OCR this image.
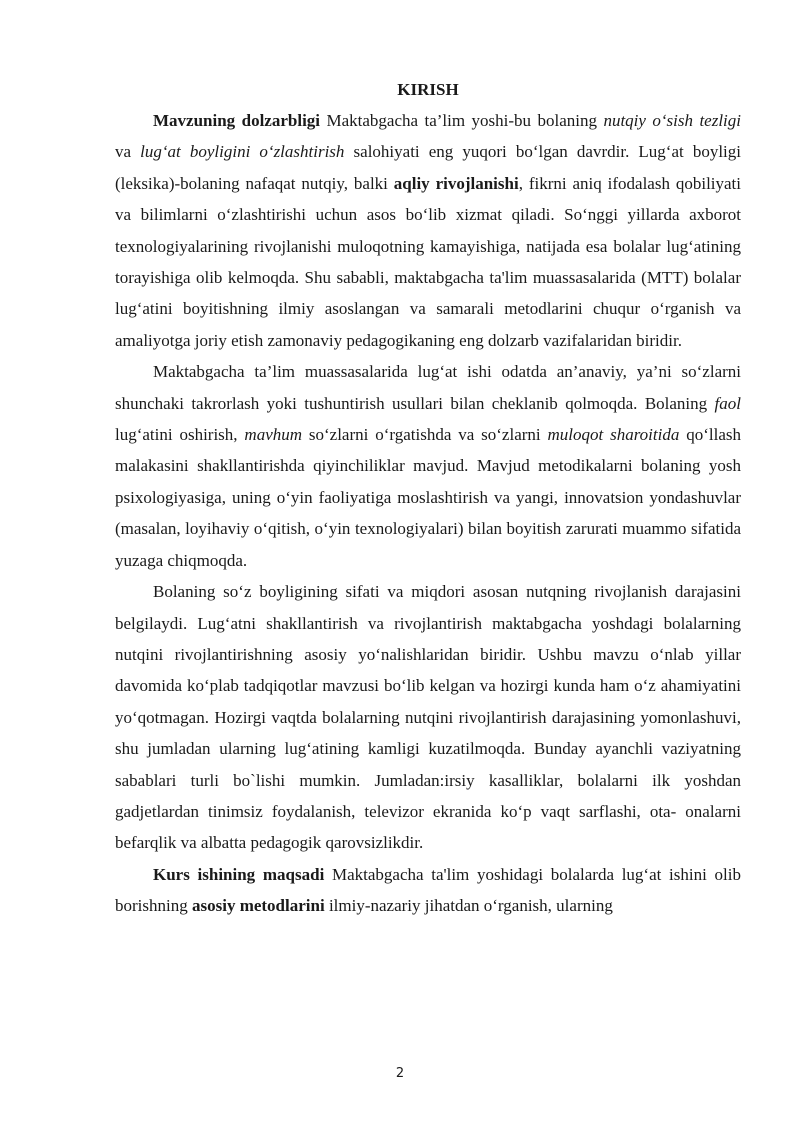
KIRISH

Mavzuning dolzarbligi Maktabgacha ta’lim yoshi-bu bolaning nutqiy o‘sish tezligi va lug‘at boyligini o‘zlashtirish salohiyati eng yuqori bo‘lgan davrdir. Lug‘at boyligi (leksika)-bolaning nafaqat nutqiy, balki aqliy rivojlanishi, fikrni aniq ifodalash qobiliyati va bilimlarni o‘zlashtirishi uchun asos bo‘lib xizmat qiladi. So‘nggi yillarda axborot texnologiyalarining rivojlanishi muloqotning kamayishiga, natijada esa bolalar lug‘atining torayishiga olib kelmoqda. Shu sababli, maktabgacha ta'lim muassasalarida (MTT) bolalar lug‘atini boyitishning ilmiy asoslangan va samarali metodlarini chuqur o‘rganish va amaliyotga joriy etish zamonaviy pedagogikaning eng dolzarb vazifalaridan biridir.

Maktabgacha ta’lim muassasalarida lug‘at ishi odatda an’anaviy, ya’ni so‘zlarni shunchaki takrorlash yoki tushuntirish usullari bilan cheklanib qolmoqda. Bolaning faol lug‘atini oshirish, mavhum so‘zlarni o‘rgatishda va so‘zlarni muloqot sharoitida qo‘llash malakasini shakllantirishda qiyinchiliklar mavjud. Mavjud metodikalarni bolaning yosh psixologiyasiga, uning o‘yin faoliyatiga moslashtirish va yangi, innovatsion yondashuvlar (masalan, loyihaviy o‘qitish, o‘yin texnologiyalari) bilan boyitish zarurati muammo sifatida yuzaga chiqmoqda.

Bolaning so‘z boyligining sifati va miqdori asosan nutqning rivojlanish darajasini belgilaydi. Lug‘atni shakllantirish va rivojlantirish maktabgacha yoshdagi bolalarning nutqini rivojlantirishning asosiy yo‘nalishlaridan biridir. Ushbu mavzu o‘nlab yillar davomida ko‘plab tadqiqotlar mavzusi bo‘lib kelgan va hozirgi kunda ham o‘z ahamiyatini yo‘qotmagan. Hozirgi vaqtda bolalarning nutqini rivojlantirish darajasining yomonlashuvi, shu jumladan ularning lug‘atining kamligi kuzatilmoqda. Bunday ayanchli vaziyatning sabablari turli bo`lishi mumkin. Jumladan:irsiy kasalliklar, bolalarni ilk yoshdan gadjetlardan tinimsiz foydalanish, televizor ekranida ko‘p vaqt sarflashi, ota- onalarni befarqlik va albatta pedagogik qarovsizlikdir.

Kurs ishining maqsadi Maktabgacha ta'lim yoshidagi bolalarda lug‘at ishini olib borishning asosiy metodlarini ilmiy-nazariy jihatdan o‘rganish, ularning

2
